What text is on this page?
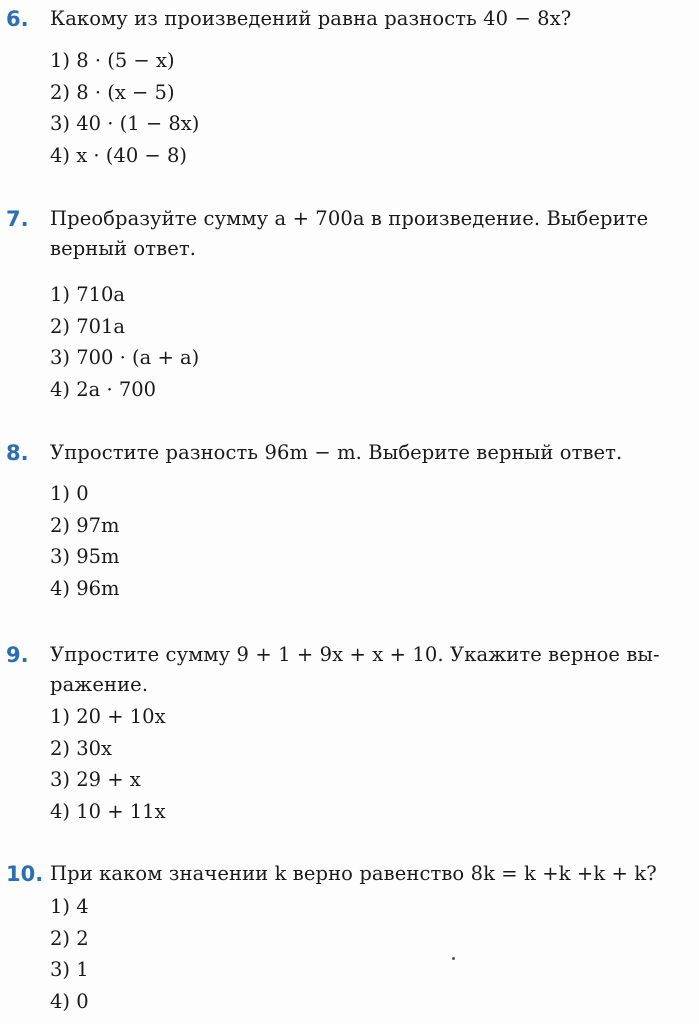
6. Какому из произведений равна разность 40 − 8x?
1) 8 · (5 − x)
2) 8 · (x − 5)
3) 40 · (1 − 8x)
4) x · (40 − 8)
7. Преобразуйте сумму a + 700a в произведение. Выберите
верный ответ.
1) 710a
2) 701a
3) 700 · (a + a)
4) 2a · 700
8. Упростите разность 96m − m. Выберите верный ответ.
1) 0
2) 97m
3) 95m
4) 96m
9. Упростите сумму 9 + 1 + 9x + x + 10. Укажите верное вы-
ражение.
1) 20 + 10x
2) 30x
3) 29 + x
4) 10 + 11x
10. При каком значении k верно равенство 8k = k +k +k + k?
1) 4
2) 2
3) 1
4) 0
